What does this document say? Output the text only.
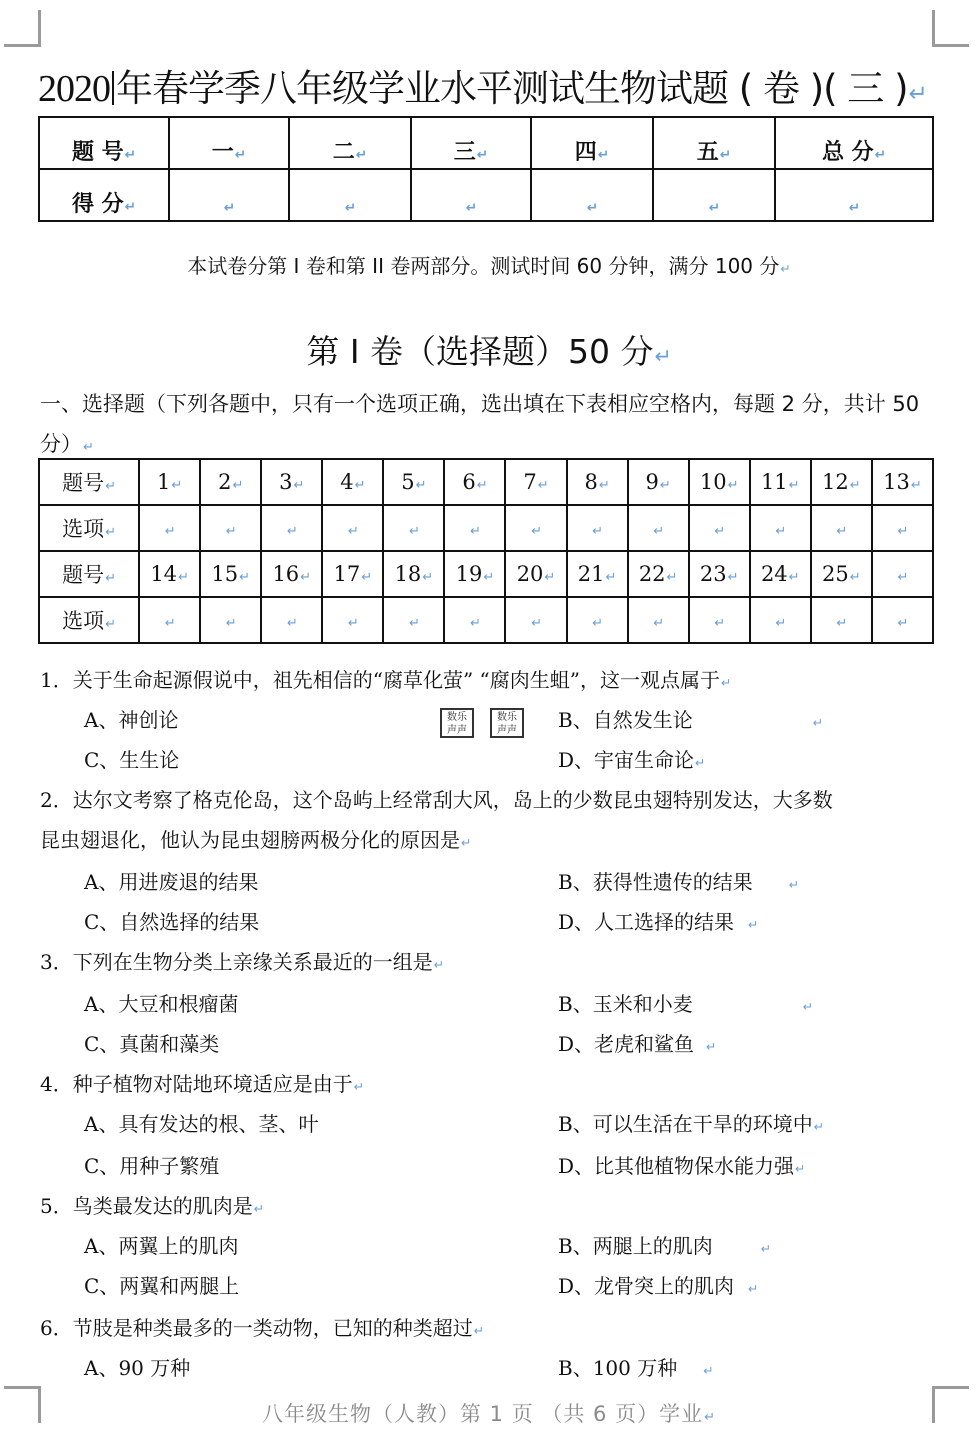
2020 年春学季八年级学业水平测试生物试题 ( 卷 )( 三 )↵
题 号↵	一↵	二↵	三↵	四↵	五↵	总 分↵
得 分↵	↵	↵	↵	↵	↵	↵
本试卷分第 I 卷和第 II 卷两部分。测试时间 60 分钟，满分 100 分↵
第 I 卷（选择题）50 分↵
一、选择题（下列各题中，只有一个选项正确，选出填在下表相应空格内，每题 2 分，共计 50 分）↵
题号↵	1↵	2↵	3↵	4↵	5↵	6↵	7↵	8↵	9↵	10↵	11↵	12↵	13↵
选项↵	↵	↵	↵	↵	↵	↵	↵	↵	↵	↵	↵	↵	↵
题号↵	14↵	15↵	16↵	17↵	18↵	19↵	20↵	21↵	22↵	23↵	24↵	25↵	↵
选项↵	↵	↵	↵	↵	↵	↵	↵	↵	↵	↵	↵	↵	↵
1．关于生命起源假说中，祖先相信的“腐草化萤” “腐肉生蛆”，这一观点属于↵
A、神创论	数乐
声声
数乐
声声	B、自然发生论	↵
C、生生论	D、宇宙生命论↵
2．达尔文考察了格克伦岛，这个岛屿上经常刮大风，岛上的少数昆虫翅特别发达，大多数
昆虫翅退化，他认为昆虫翅膀两极分化的原因是↵
A、用进废退的结果	B、获得性遗传的结果	↵
C、自然选择的结果	D、人工选择的结果 ↵
3．下列在生物分类上亲缘关系最近的一组是↵
A、大豆和根瘤菌	B、玉米和小麦	↵
C、真菌和藻类	D、老虎和鲨鱼 ↵
4．种子植物对陆地环境适应是由于↵
A、具有发达的根、茎、叶	B、可以生活在干旱的环境中↵
C、用种子繁殖	D、比其他植物保水能力强↵
5．鸟类最发达的肌肉是↵
A、两翼上的肌肉	B、两腿上的肌肉	↵
C、两翼和两腿上	D、龙骨突上的肌肉 ↵
6．节肢是种类最多的一类动物，已知的种类超过↵
A、90 万种	B、100 万种 ↵
八年级生物（人教）第 1 页 （共 6 页）学业↵
